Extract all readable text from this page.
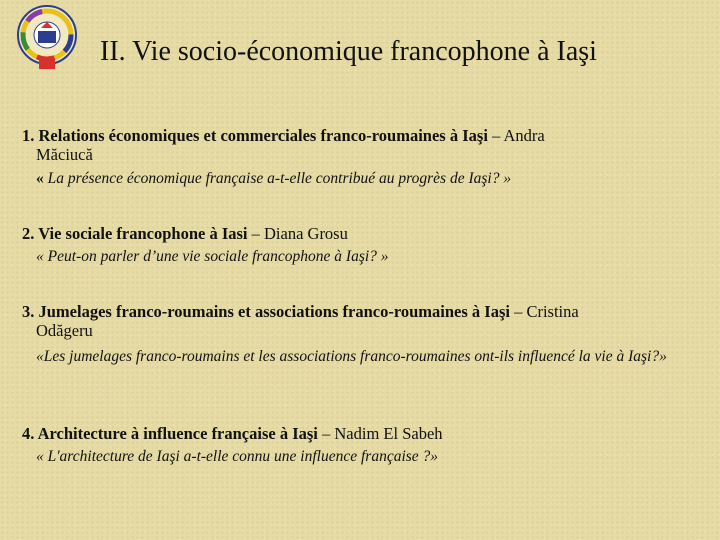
II. Vie socio-économique francophone à Iaşi
1. Relations économiques et commerciales franco-roumaines à Iaşi – Andra
Măciucă
« La présence économique française a-t-elle contribué au progrès de Iaşi? »
2. Vie sociale francophone à Iasi – Diana Grosu
« Peut-on parler d’une vie sociale francophone à Iaşi? »
3. Jumelages franco-roumains et associations franco-roumaines à Iaşi – Cristina
Odăgeru
«Les jumelages franco-roumains et les associations franco-roumaines ont-ils influencé la vie à Iaşi?»
4. Architecture à influence française à Iaşi – Nadim El Sabeh
« L'architecture de Iaşi a-t-elle connu une influence française ?»
